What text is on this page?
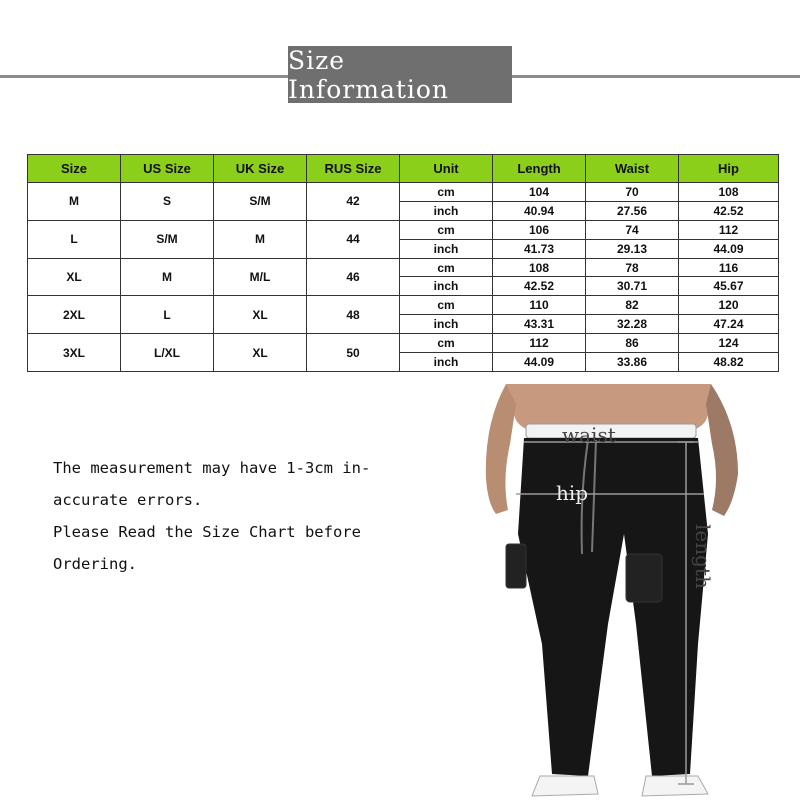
Size Information
Size	US Size	UK Size	RUS Size	Unit	Length	Waist	Hip
M	S	S/M	42	cm	104	70	108
				inch	40.94	27.56	42.52
L	S/M	M	44	cm	106	74	112
				inch	41.73	29.13	44.09
XL	M	M/L	46	cm	108	78	116
				inch	42.52	30.71	45.67
2XL	L	XL	48	cm	110	82	120
				inch	43.31	32.28	47.24
3XL	L/XL	XL	50	cm	112	86	124
				inch	44.09	33.86	48.82
The measurement may have 1-3cm in-
accurate errors.
Please Read the Size Chart before
Ordering.
waist
hip
length
